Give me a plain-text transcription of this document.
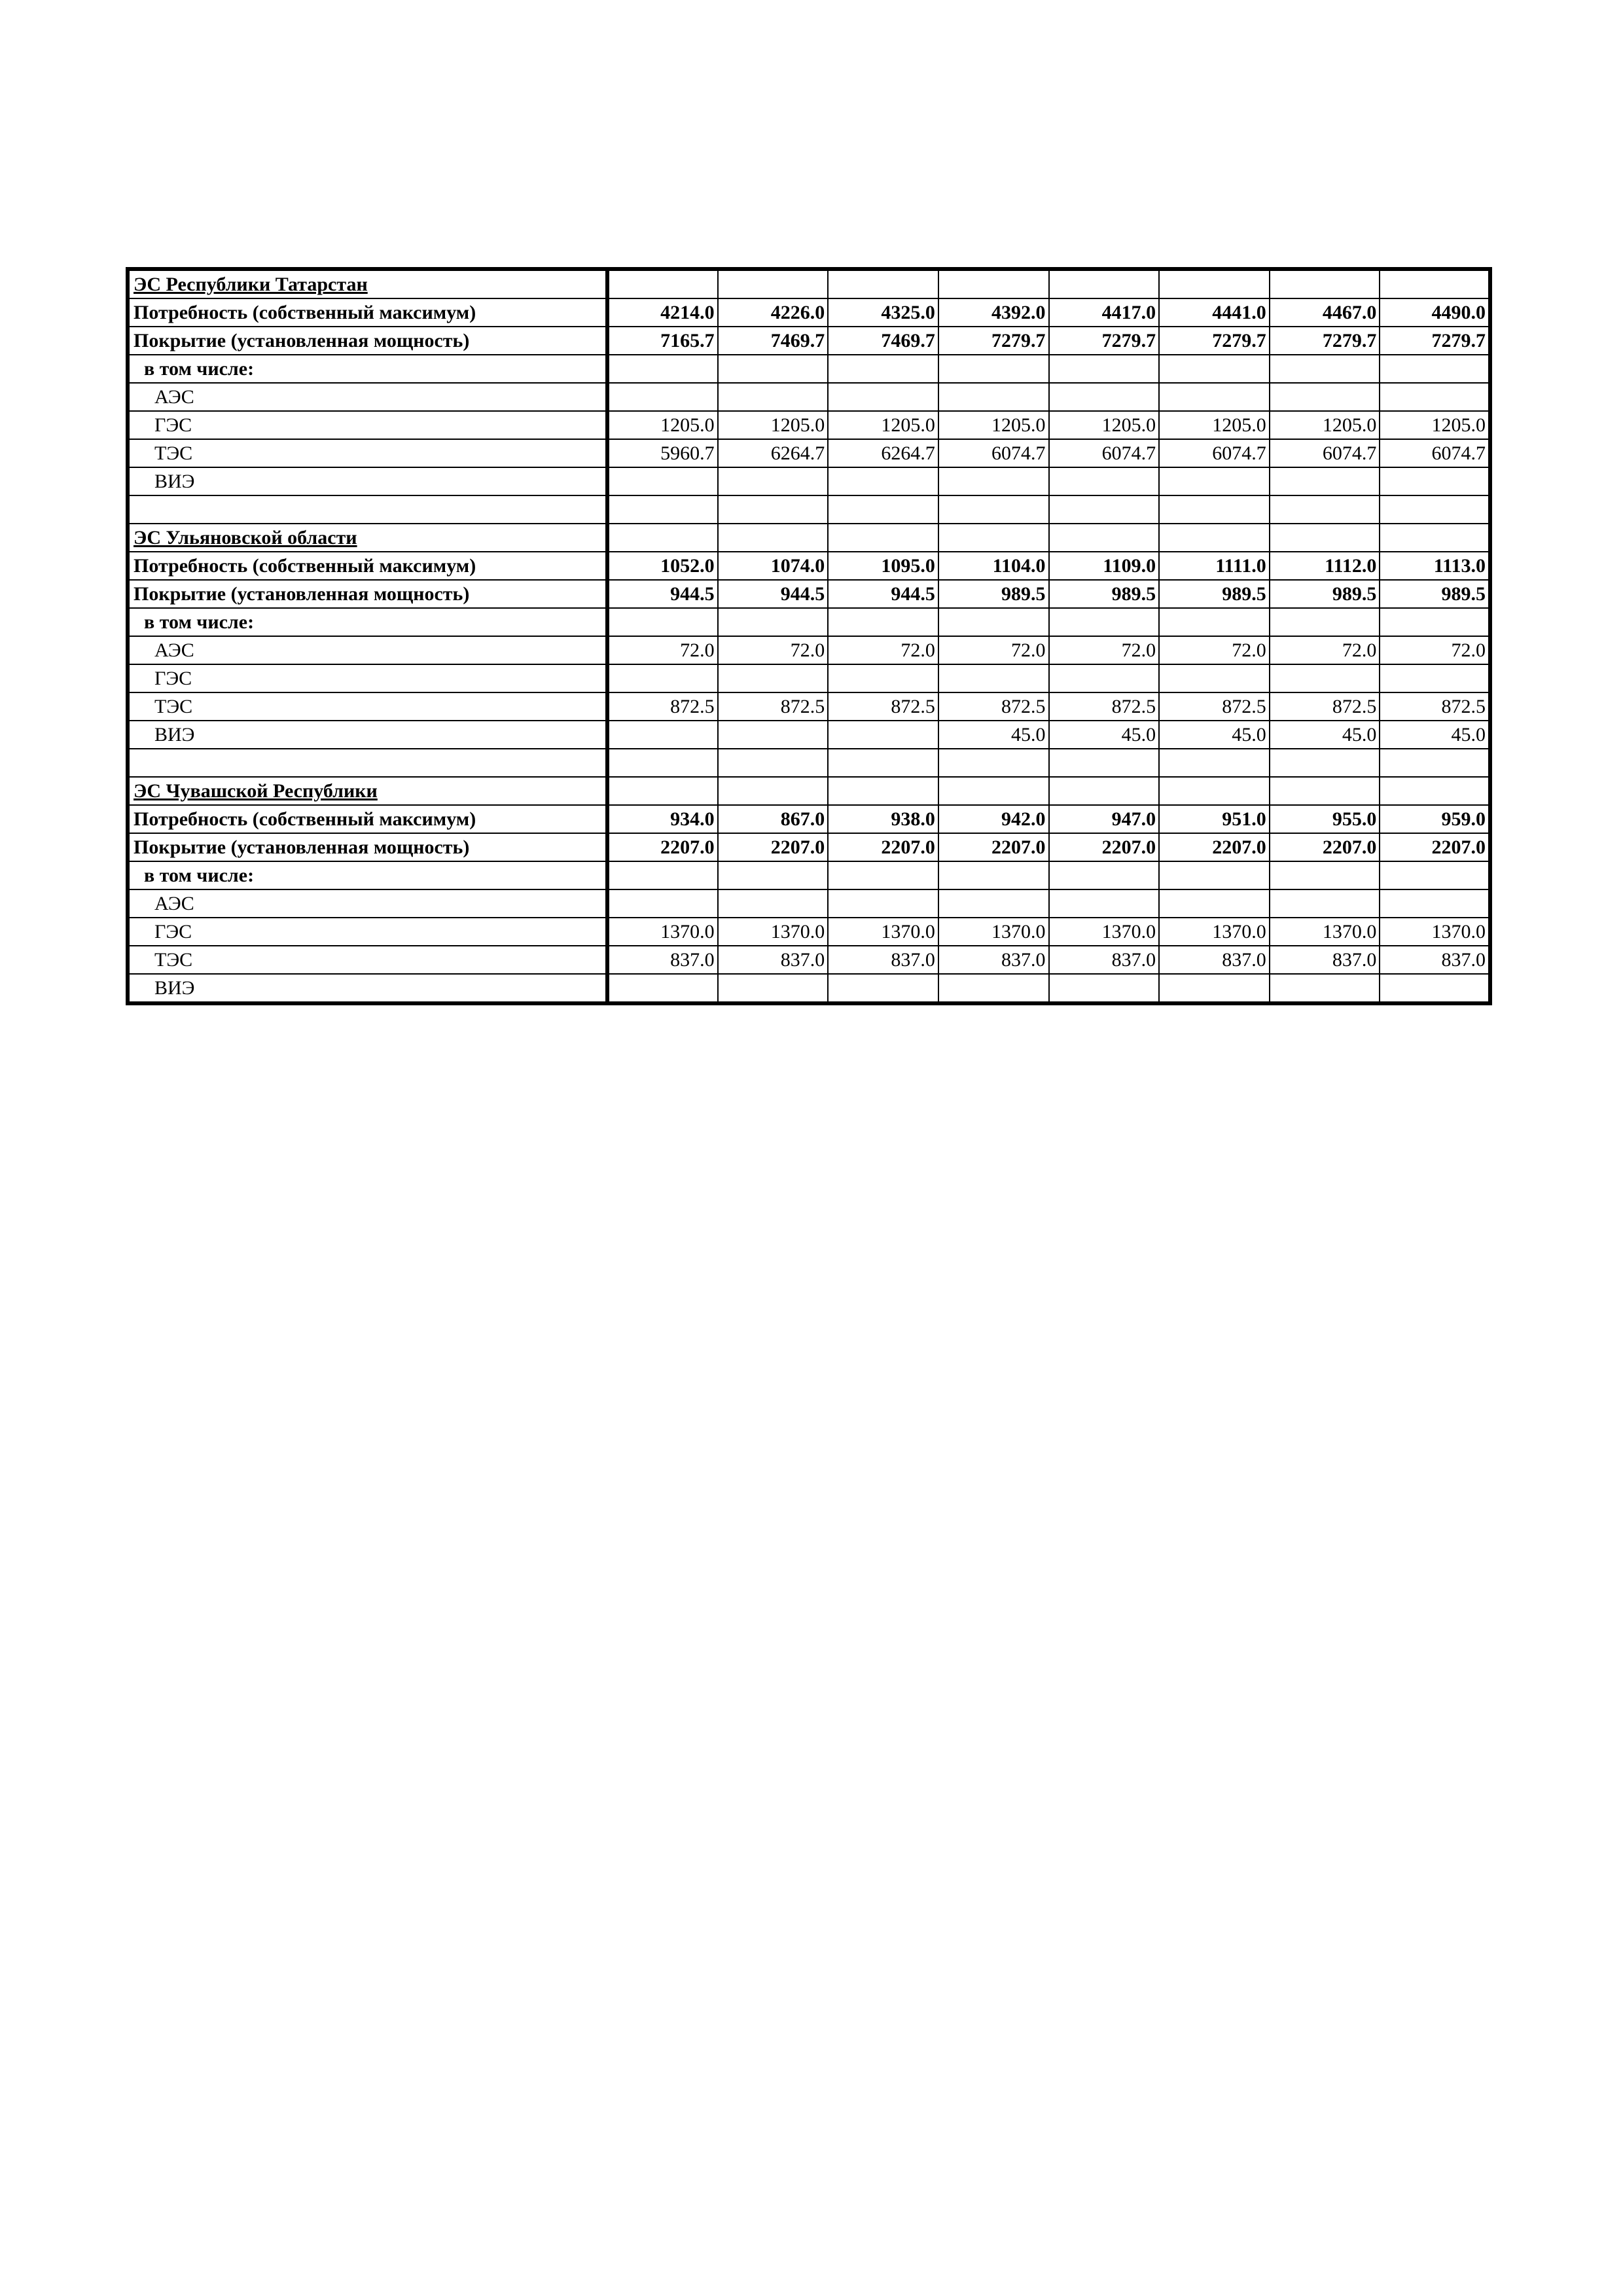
ЭС Республики Татарстан								
Потребность (собственный максимум)	4214.0	4226.0	4325.0	4392.0	4417.0	4441.0	4467.0	4490.0
Покрытие (установленная мощность)	7165.7	7469.7	7469.7	7279.7	7279.7	7279.7	7279.7	7279.7
в том числе:								
АЭС								
ГЭС	1205.0	1205.0	1205.0	1205.0	1205.0	1205.0	1205.0	1205.0
ТЭС	5960.7	6264.7	6264.7	6074.7	6074.7	6074.7	6074.7	6074.7
ВИЭ								

ЭС Ульяновской области								
Потребность (собственный максимум)	1052.0	1074.0	1095.0	1104.0	1109.0	1111.0	1112.0	1113.0
Покрытие (установленная мощность)	944.5	944.5	944.5	989.5	989.5	989.5	989.5	989.5
в том числе:								
АЭС	72.0	72.0	72.0	72.0	72.0	72.0	72.0	72.0
ГЭС								
ТЭС	872.5	872.5	872.5	872.5	872.5	872.5	872.5	872.5
ВИЭ				45.0	45.0	45.0	45.0	45.0

ЭС Чувашской Республики								
Потребность (собственный максимум)	934.0	867.0	938.0	942.0	947.0	951.0	955.0	959.0
Покрытие (установленная мощность)	2207.0	2207.0	2207.0	2207.0	2207.0	2207.0	2207.0	2207.0
в том числе:								
АЭС								
ГЭС	1370.0	1370.0	1370.0	1370.0	1370.0	1370.0	1370.0	1370.0
ТЭС	837.0	837.0	837.0	837.0	837.0	837.0	837.0	837.0
ВИЭ								
